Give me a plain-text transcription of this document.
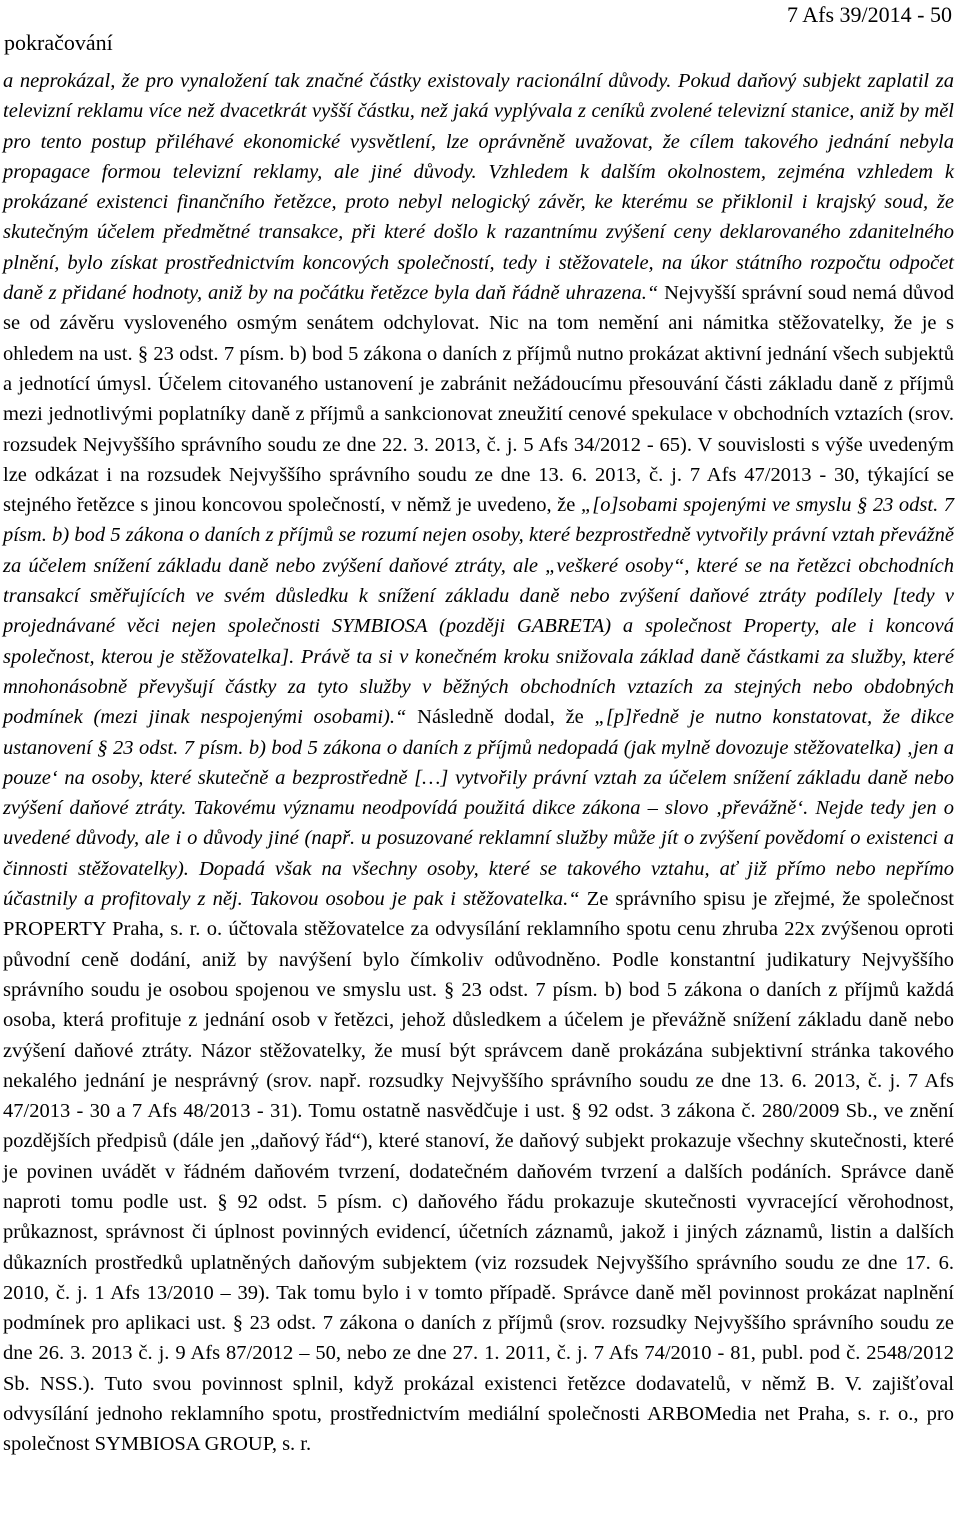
pokračování
7 Afs 39/2014 - 50
a neprokázal, že pro vynaložení tak značné částky existovaly racionální důvody. Pokud daňový subjekt zaplatil za televizní reklamu více než dvacetkrát vyšší částku, než jaká vyplývala z ceníků zvolené televizní stanice, aniž by měl pro tento postup přiléhavé ekonomické vysvětlení, lze oprávněně uvažovat, že cílem takového jednání nebyla propagace formou televizní reklamy, ale jiné důvody. Vzhledem k dalším okolnostem, zejména vzhledem k prokázané existenci finančního řetězce, proto nebyl nelogický závěr, ke kterému se přiklonil i krajský soud, že skutečným účelem předmětné transakce, při které došlo k razantnímu zvýšení ceny deklarovaného zdanitelného plnění, bylo získat prostřednictvím koncových společností, tedy i stěžovatele, na úkor státního rozpočtu odpočet daně z přidané hodnoty, aniž by na počátku řetězce byla daň řádně uhrazena.“ Nejvyšší správní soud nemá důvod se od závěru vysloveného osmým senátem odchylovat. Nic na tom nemění ani námitka stěžovatelky, že je s ohledem na ust. § 23 odst. 7 písm. b) bod 5 zákona o daních z příjmů nutno prokázat aktivní jednání všech subjektů a jednotící úmysl. Účelem citovaného ustanovení je zabránit nežádoucímu přesouvání části základu daně z příjmů mezi jednotlivými poplatníky daně z příjmů a sankcionovat zneužití cenové spekulace v obchodních vztazích (srov. rozsudek Nejvyššího správního soudu ze dne 22. 3. 2013, č. j. 5 Afs 34/2012 - 65). V souvislosti s výše uvedeným lze odkázat i na rozsudek Nejvyššího správního soudu ze dne 13. 6. 2013, č. j. 7 Afs 47/2013 - 30, týkající se stejného řetězce s jinou koncovou společností, v němž je uvedeno, že „[o]sobami spojenými ve smyslu § 23 odst. 7 písm. b) bod 5 zákona o daních z příjmů se rozumí nejen osoby, které bezprostředně vytvořily právní vztah převážně za účelem snížení základu daně nebo zvýšení daňové ztráty, ale „veškeré osoby“, které se na řetězci obchodních transakcí směřujících ve svém důsledku k snížení základu daně nebo zvýšení daňové ztráty podílely [tedy v projednávané věci nejen společnosti SYMBIOSA (později GABRETA) a společnost Property, ale i koncová společnost, kterou je stěžovatelka]. Právě ta si v konečném kroku snižovala základ daně částkami za služby, které mnohonásobně převyšují částky za tyto služby v běžných obchodních vztazích za stejných nebo obdobných podmínek (mezi jinak nespojenými osobami).“ Následně dodal, že „[p]ředně je nutno konstatovat, že dikce ustanovení § 23 odst. 7 písm. b) bod 5 zákona o daních z příjmů nedopadá (jak mylně dovozuje stěžovatelka) ‚jen a pouze‘ na osoby, které skutečně a bezprostředně […] vytvořily právní vztah za účelem snížení základu daně nebo zvýšení daňové ztráty. Takovému významu neodpovídá použitá dikce zákona – slovo ‚převážně‘. Nejde tedy jen o uvedené důvody, ale i o důvody jiné (např. u posuzované reklamní služby může jít o zvýšení povědomí o existenci a činnosti stěžovatelky). Dopadá však na všechny osoby, které se takového vztahu, ať již přímo nebo nepřímo účastnily a profitovaly z něj. Takovou osobou je pak i stěžovatelka.“ Ze správního spisu je zřejmé, že společnost PROPERTY Praha, s. r. o. účtovala stěžovatelce za odvysílání reklamního spotu cenu zhruba 22x zvýšenou oproti původní ceně dodání, aniž by navýšení bylo čímkoliv odůvodněno. Podle konstantní judikatury Nejvyššího správního soudu je osobou spojenou ve smyslu ust. § 23 odst. 7 písm. b) bod 5 zákona o daních z příjmů každá osoba, která profituje z jednání osob v řetězci, jehož důsledkem a účelem je převážně snížení základu daně nebo zvýšení daňové ztráty. Názor stěžovatelky, že musí být správcem daně prokázána subjektivní stránka takového nekalého jednání je nesprávný (srov. např. rozsudky Nejvyššího správního soudu ze dne 13. 6. 2013, č. j. 7 Afs 47/2013 - 30 a 7 Afs 48/2013 - 31). Tomu ostatně nasvědčuje i ust. § 92 odst. 3 zákona č. 280/2009 Sb., ve znění pozdějších předpisů (dále jen „daňový řád“), které stanoví, že daňový subjekt prokazuje všechny skutečnosti, které je povinen uvádět v řádném daňovém tvrzení, dodatečném daňovém tvrzení a dalších podáních. Správce daně naproti tomu podle ust. § 92 odst. 5 písm. c) daňového řádu prokazuje skutečnosti vyvracející věrohodnost, průkaznost, správnost či úplnost povinných evidencí, účetních záznamů, jakož i jiných záznamů, listin a dalších důkazních prostředků uplatněných daňovým subjektem (viz rozsudek Nejvyššího správního soudu ze dne 17. 6. 2010, č. j. 1 Afs 13/2010 – 39). Tak tomu bylo i v tomto případě. Správce daně měl povinnost prokázat naplnění podmínek pro aplikaci ust. § 23 odst. 7 zákona o daních z příjmů (srov. rozsudky Nejvyššího správního soudu ze dne 26. 3. 2013 č. j. 9 Afs 87/2012 – 50, nebo ze dne 27. 1. 2011, č. j. 7 Afs 74/2010 - 81, publ. pod č. 2548/2012 Sb. NSS.). Tuto svou povinnost splnil, když prokázal existenci řetězce dodavatelů, v němž B. V. zajišťoval odvysílání jednoho reklamního spotu, prostřednictvím mediální společnosti ARBOMedia net Praha, s. r. o., pro společnost SYMBIOSA GROUP, s. r.
